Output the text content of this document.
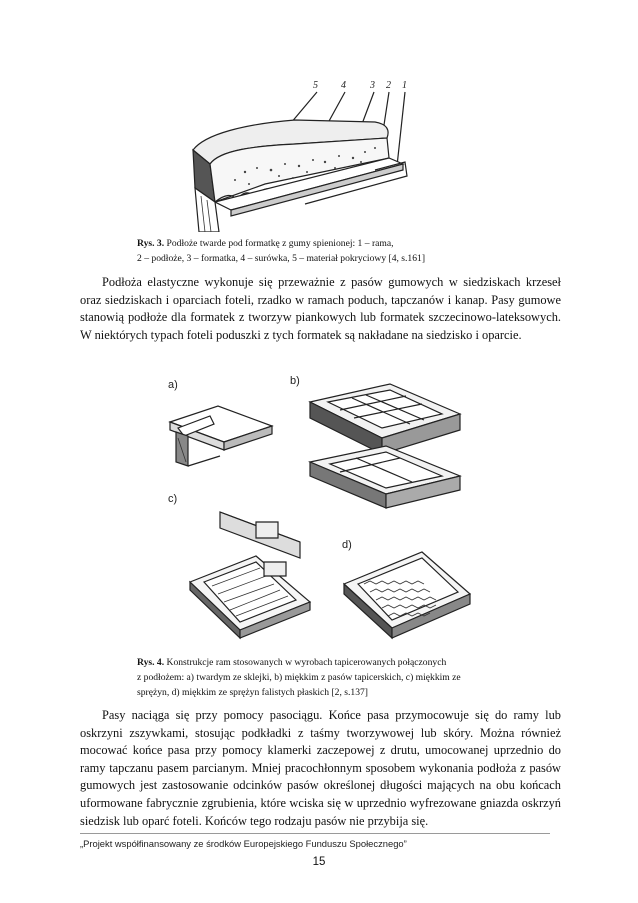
5 4 3 2 1
Rys. 3. Podłoże twarde pod formatkę z gumy spienionej: 1 – rama,
2 – podłoże, 3 – formatka, 4 – surówka, 5 – materiał pokryciowy [4, s.161]

Podłoża elastyczne wykonuje się przeważnie z pasów gumowych w siedziskach krzeseł oraz siedziskach i oparciach foteli, rzadko w ramach poduch, tapczanów i kanap. Pasy gumowe stanowią podłoże dla formatek z tworzyw piankowych lub formatek szczecinowo-lateksowych. W niektórych typach foteli poduszki z tych formatek są nakładane na siedzisko i oparcie.

a)	b)
c)
d)
Rys. 4. Konstrukcje ram stosowanych w wyrobach tapicerowanych połączonych
z podłożem: a) twardym ze sklejki, b) miękkim z pasów tapicerskich, c) miękkim ze
sprężyn, d) miękkim ze sprężyn falistych płaskich [2, s.137]

Pasy naciąga się przy pomocy pasociągu. Końce pasa przymocowuje się do ramy lub oskrzyni zszywkami, stosując podkładki z taśmy tworzywowej lub skóry. Można również mocować końce pasa przy pomocy klamerki zaczepowej z drutu, umocowanej uprzednio do ramy tapczanu pasem parcianym. Mniej pracochłonnym sposobem wykonania podłoża z pasów gumowych jest zastosowanie odcinków pasów określonej długości mających na obu końcach uformowane fabrycznie zgrubienia, które wciska się w uprzednio wyfrezowane gniazda oskrzyń siedzisk lub oparć foteli. Końców tego rodzaju pasów nie przybija się.

„Projekt współfinansowany ze środków Europejskiego Funduszu Społecznego”
15
